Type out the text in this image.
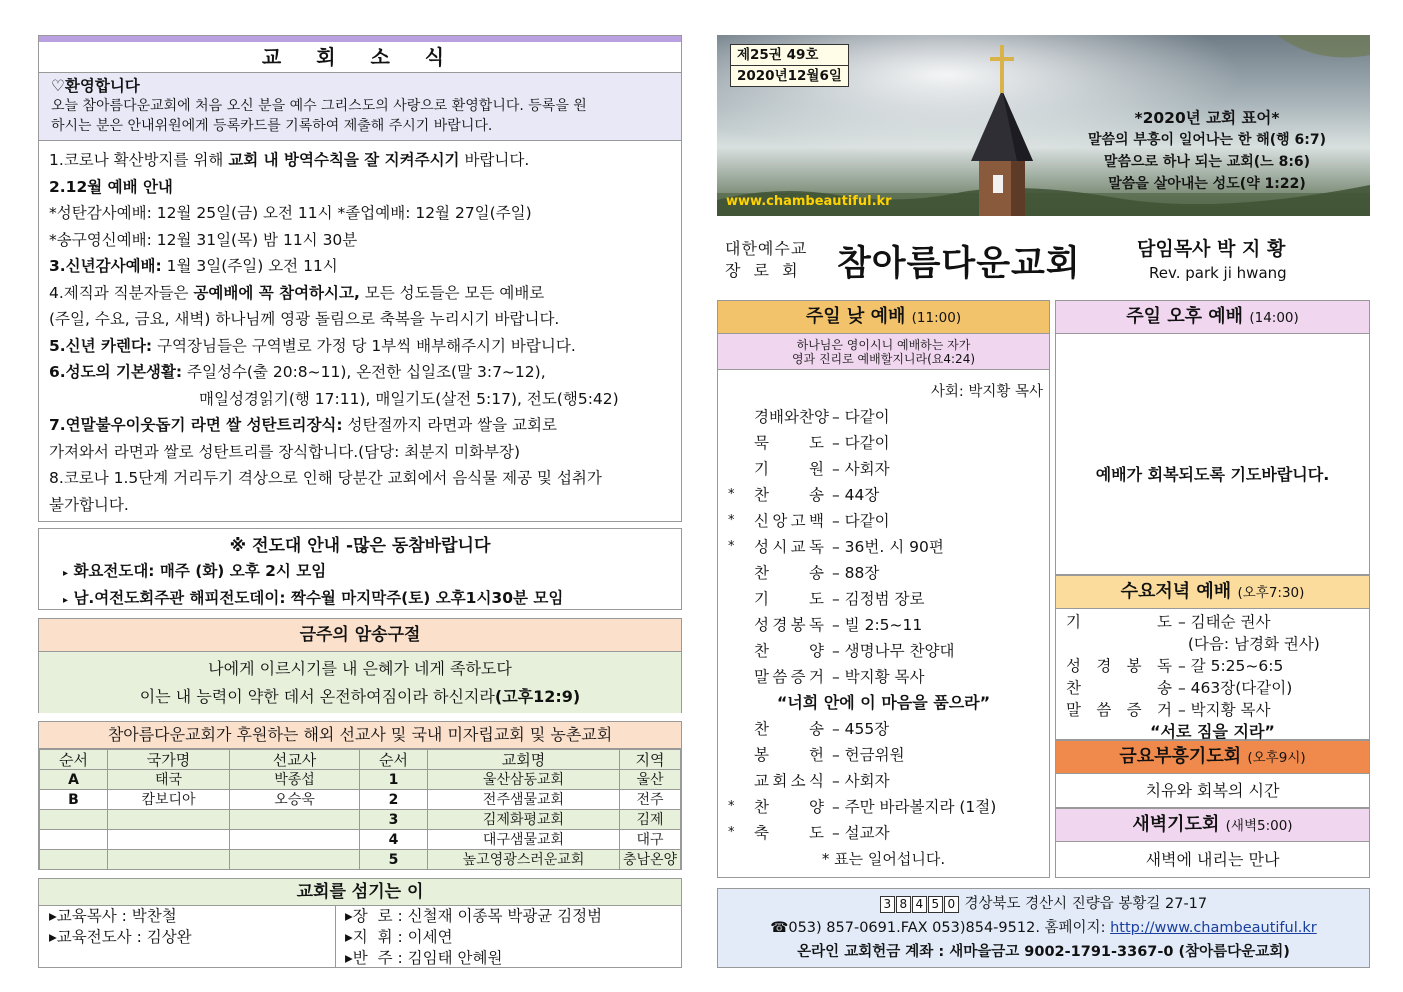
교 회 소 식
♡환영합니다
오늘 참아름다운교회에 처음 오신 분을 예수 그리스도의 사랑으로 환영합니다. 등록을 원
하시는 분은 안내위원에게 등록카드를 기록하여 제출해 주시기 바랍니다.
1.코로나 확산방지를 위해 교회 내 방역수칙을 잘 지켜주시기 바랍니다.
2.12월 예배 안내
*성탄감사예배: 12월 25일(금) 오전 11시 *졸업예배: 12월 27일(주일)
*송구영신예배: 12월 31일(목) 밤 11시 30분
3.신년감사예배: 1월 3일(주일) 오전 11시
4.제직과 직분자들은 공예배에 꼭 참여하시고, 모든 성도들은 모든 예배로
(주일, 수요, 금요, 새벽) 하나님께 영광 돌림으로 축복을 누리시기 바랍니다.
5.신년 카렌다: 구역장님들은 구역별로 가정 당 1부씩 배부해주시기 바랍니다.
6.성도의 기본생활: 주일성수(출 20:8~11), 온전한 십일조(말 3:7~12),
매일성경읽기(행 17:11), 매일기도(살전 5:17), 전도(행5:42)
7.연말불우이웃돕기 라면 쌀 성탄트리장식: 성탄절까지 라면과 쌀을 교회로
가져와서 라면과 쌀로 성탄트리를 장식합니다.(담당: 최분지 미화부장)
8.코로나 1.5단계 거리두기 격상으로 인해 당분간 교회에서 음식물 제공 및 섭취가
불가합니다.
※ 전도대 안내 -많은 동참바랍니다
▸ 화요전도대: 매주 (화) 오후 2시 모임
▸ 남.여전도회주관 해피전도데이: 짝수월 마지막주(토) 오후1시30분 모임
금주의 암송구절
나에게 이르시기를 내 은혜가 네게 족하도다
이는 내 능력이 약한 데서 온전하여짐이라 하신지라(고후12:9)
참아름다운교회가 후원하는 해외 선교사 및 국내 미자립교회 및 농촌교회
순서	국가명	선교사	순서	교회명	지역
A	태국	박종섭	1	울산삼동교회	울산
B	캄보디아	오승욱	2	전주샘물교회	전주
			3	김제화평교회	김제
			4	대구샘물교회	대구
			5	높고영광스러운교회	충남온양
교회를 섬기는 이
▸교육목사 : 박찬철
▸교육전도사 : 김상완
▸장  로 : 신철재 이종목 박광균 김정범
▸지  휘 : 이세연
▸반  주 : 김임태 안혜원
제25권 49호
2020년12월6일
*2020년 교회 표어*
말씀의 부흥이 일어나는 한 해(행 6:7)
말씀으로 하나 되는 교회(느 8:6)
말씀을 살아내는 성도(약 1:22)
www.chambeautiful.kr
대한예수교
장 로 회 참아름다운교회	담임목사 박 지 황
Rev. park ji hwang
주일 낮 예배 (11:00)
하나님은 영이시니 예배하는 자가
영과 진리로 예배할지니라(요4:24)
사회: 박지황 목사
경 배 와 찬 양 – 다같이
묵	도 – 다같이
기	원 – 사회자
* 찬	송 – 44장
* 신 앙 고 백 – 다같이
* 성 시 교 독 – 36번. 시 90편
찬	송 – 88장
기	도 – 김정범 장로
성 경 봉 독 – 빌 2:5~11
찬	양 – 생명나무 찬양대
말 씀 증 거 – 박지황 목사
“너희 안에 이 마음을 품으라”
찬	송 – 455장
봉	헌 – 헌금위원
교 회 소 식 – 사회자
* 찬	양 – 주만 바라볼지라 (1절)
* 축	도 – 설교자
* 표는 일어섭니다.
주일 오후 예배 (14:00)
예배가 회복되도록 기도바랍니다.
수요저녁 예배 (오후7:30)
기	도 – 김태순 권사
(다음: 남경화 권사)
성 경 봉 독 – 갈 5:25~6:5
찬	송 – 463장(다같이)
말 씀 증 거 – 박지황 목사
“서로 짐을 지라”
금요부흥기도회 (오후9시)
치유와 회복의 시간
새벽기도회 (새벽5:00)
새벽에 내리는 만나
3 8 4 5 0 경상북도 경산시 진량읍 봉황길 27-17
☎053) 857-0691.FAX 053)854-9512. 홈페이지: http://www.chambeautiful.kr
온라인 교회헌금 계좌 : 새마을금고 9002-1791-3367-0 (참아름다운교회)
